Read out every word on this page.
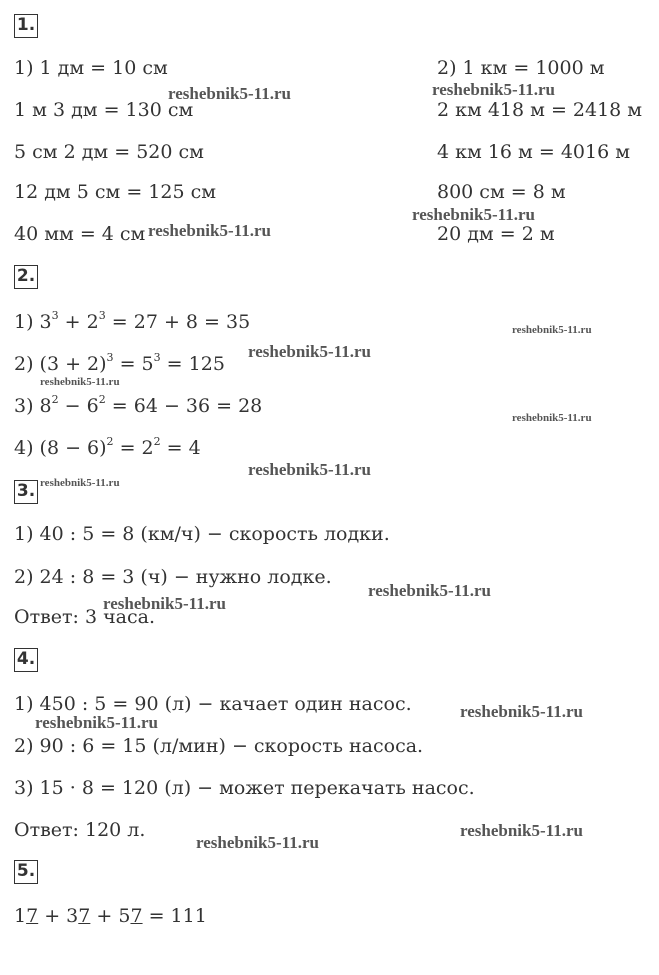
1.
1) 1 дм = 10 см
1 м 3 дм = 130 см
5 см 2 дм = 520 см
12 дм 5 см = 125 см
40 мм = 4 см
2) 1 км = 1000 м
2 км 418 м = 2418 м
4 км 16 м = 4016 м
800 см = 8 м
20 дм = 2 м
2.
1) $3^3 + 2^3 = 27 + 8 = 35$
2) $(3 + 2)^3 = 5^3 = 125$
3) $8^2 - 6^2 = 64 - 36 = 28$
4) $(8 - 6)^2 = 2^2 = 4$
3.
1) 40 : 5 = 8 (км/ч) − скорость лодки.
2) 24 : 8 = 3 (ч) − нужно лодке.
Ответ: 3 часа.
4.
1) 450 : 5 = 90 (л) − качает один насос.
2) 90 : 6 = 15 (л/мин) − скорость насоса.
3) 15 · 8 = 120 (л) − может перекачать насос.
Ответ: 120 л.
5.
17 + 37 + 57 = 111
reshebnik5-11.ru	reshebnik5-11.ru
reshebnik5-11.ru
reshebnik5-11.ru
reshebnik5-11.ru
reshebnik5-11.ru
reshebnik5-11.ru
reshebnik5-11.ru
reshebnik5-11.ru
reshebnik5-11.ru
reshebnik5-11.ru
reshebnik5-11.ru
reshebnik5-11.ru
reshebnik5-11.ru
reshebnik5-11.ru
reshebnik5-11.ru
